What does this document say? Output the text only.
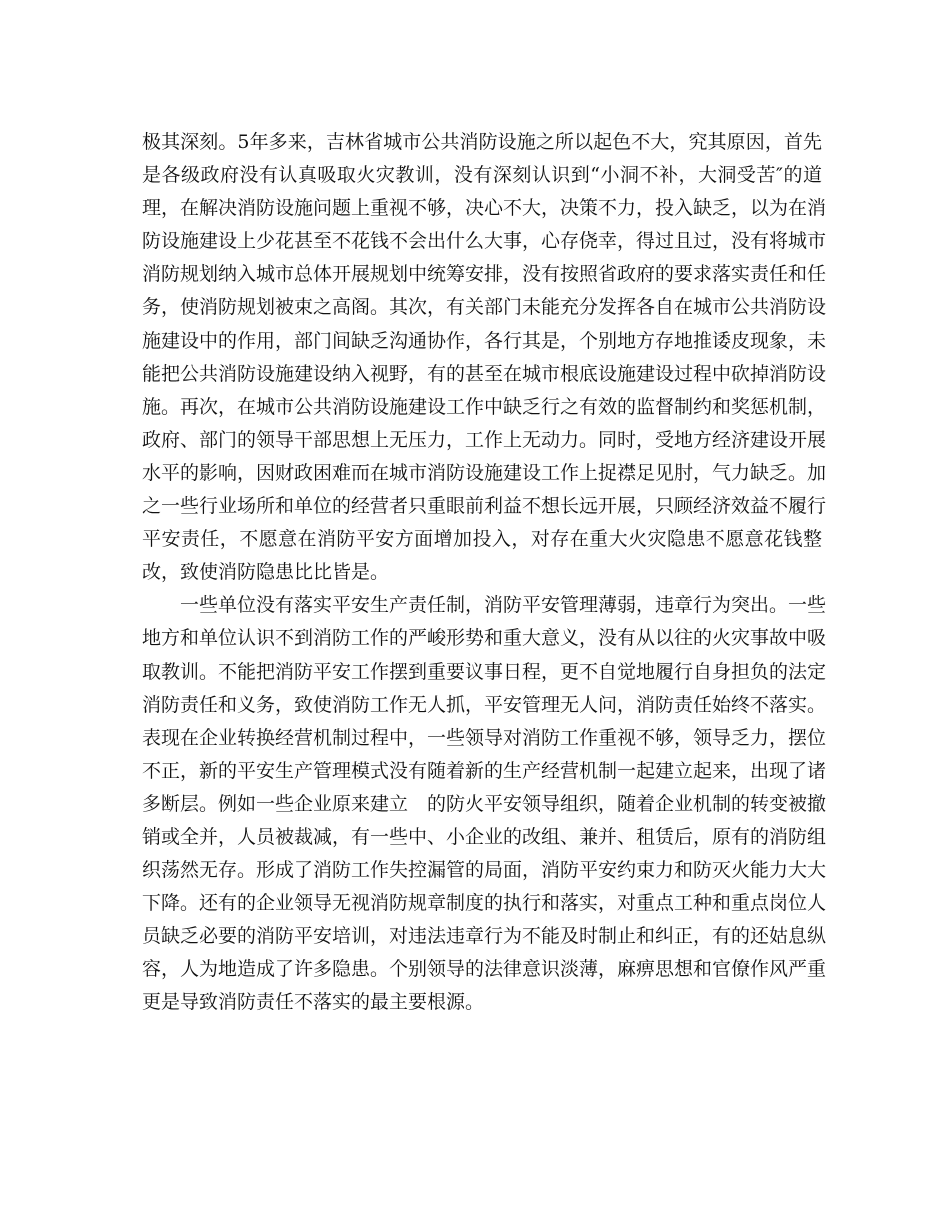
极其深刻。5年多来，吉林省城市公共消防设施之所以起色不大，究其原因，首先
是各级政府没有认真吸取火灾教训，没有深刻认识到“小洞不补，大洞受苦″的道
理，在解决消防设施问题上重视不够，决心不大，决策不力，投入缺乏，以为在消
防设施建设上少花甚至不花钱不会出什么大事，心存侥幸，得过且过，没有将城市
消防规划纳入城市总体开展规划中统筹安排，没有按照省政府的要求落实责任和任
务，使消防规划被束之高阁。其次，有关部门未能充分发挥各自在城市公共消防设
施建设中的作用，部门间缺乏沟通协作，各行其是，个别地方存地推诿皮现象，未
能把公共消防设施建设纳入视野，有的甚至在城市根底设施建设过程中砍掉消防设
施。再次，在城市公共消防设施建设工作中缺乏行之有效的监督制约和奖惩机制，
政府、部门的领导干部思想上无压力，工作上无动力。同时，受地方经济建设开展
水平的影响，因财政困难而在城市消防设施建设工作上捉襟足见肘，气力缺乏。加
之一些行业场所和单位的经营者只重眼前利益不想长远开展，只顾经济效益不履行
平安责任，不愿意在消防平安方面增加投入，对存在重大火灾隐患不愿意花钱整
改，致使消防隐患比比皆是。
一些单位没有落实平安生产责任制，消防平安管理薄弱，违章行为突出。一些
地方和单位认识不到消防工作的严峻形势和重大意义，没有从以往的火灾事故中吸
取教训。不能把消防平安工作摆到重要议事日程，更不自觉地履行自身担负的法定
消防责任和义务，致使消防工作无人抓，平安管理无人问，消防责任始终不落实。
表现在企业转换经营机制过程中，一些领导对消防工作重视不够，领导乏力，摆位
不正，新的平安生产管理模式没有随着新的生产经营机制一起建立起来，出现了诸
多断层。例如一些企业原来建立　的防火平安领导组织，随着企业机制的转变被撤
销或全并，人员被裁减，有一些中、小企业的改组、兼并、租赁后，原有的消防组
织荡然无存。形成了消防工作失控漏管的局面，消防平安约束力和防灭火能力大大
下降。还有的企业领导无视消防规章制度的执行和落实，对重点工种和重点岗位人
员缺乏必要的消防平安培训，对违法违章行为不能及时制止和纠正，有的还姑息纵
容，人为地造成了许多隐患。个别领导的法律意识淡薄，麻痹思想和官僚作风严重
更是导致消防责任不落实的最主要根源。
